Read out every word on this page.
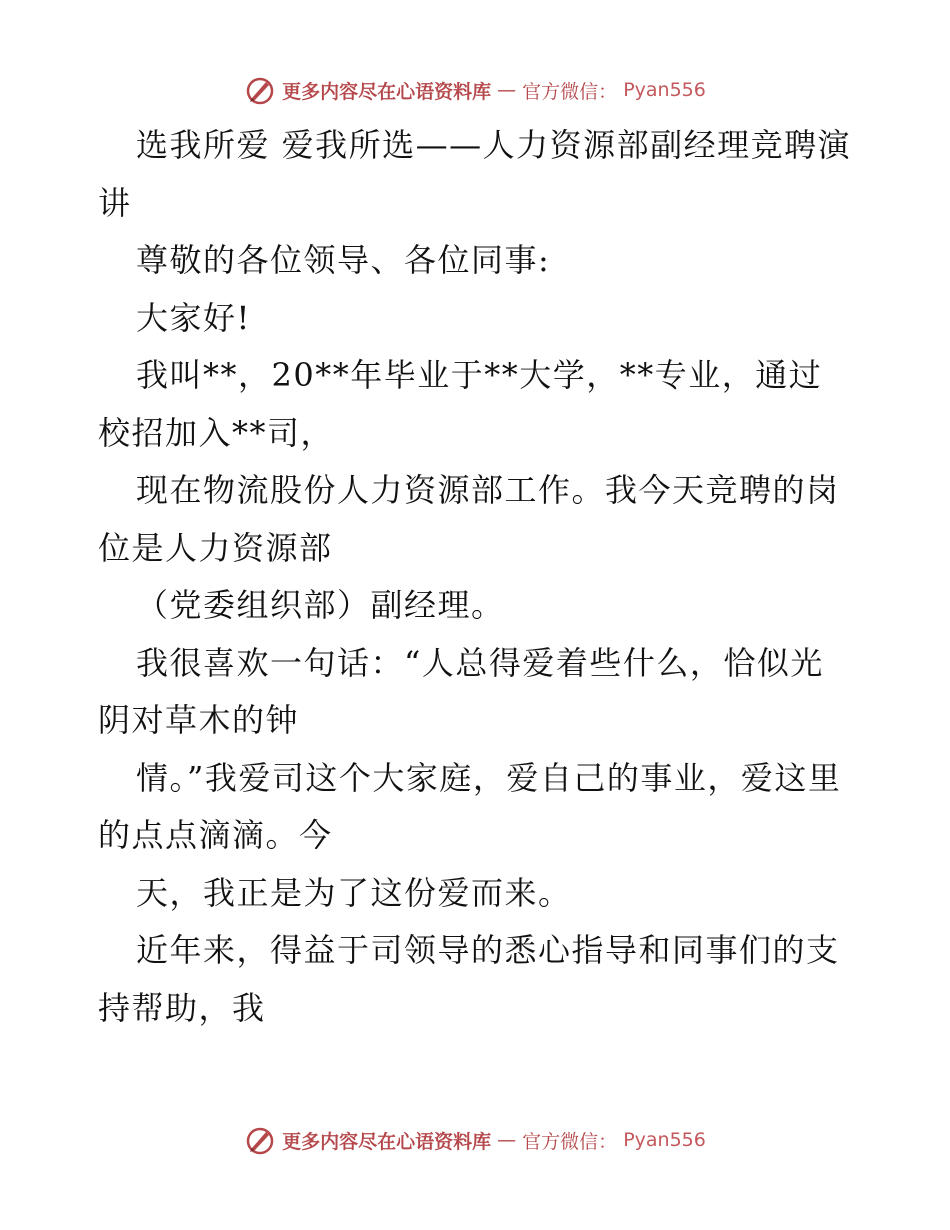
更多内容尽在心语资料库 — 官方微信： Pyan556

选我所爱 爱我所选——人力资源部副经理竞聘演讲

尊敬的各位领导、各位同事:

大家好!

我叫**，20**年毕业于**大学，**专业，通过校招加入**司，

现在物流股份人力资源部工作。我今天竞聘的岗位是人力资源部

（党委组织部）副经理。

我很喜欢一句话：“人总得爱着些什么，恰似光阴对草木的钟

情。”我爱司这个大家庭，爱自己的事业，爱这里的点点滴滴。今

天，我正是为了这份爱而来。

近年来，得益于司领导的悉心指导和同事们的支持帮助，我

更多内容尽在心语资料库 — 官方微信： Pyan556
